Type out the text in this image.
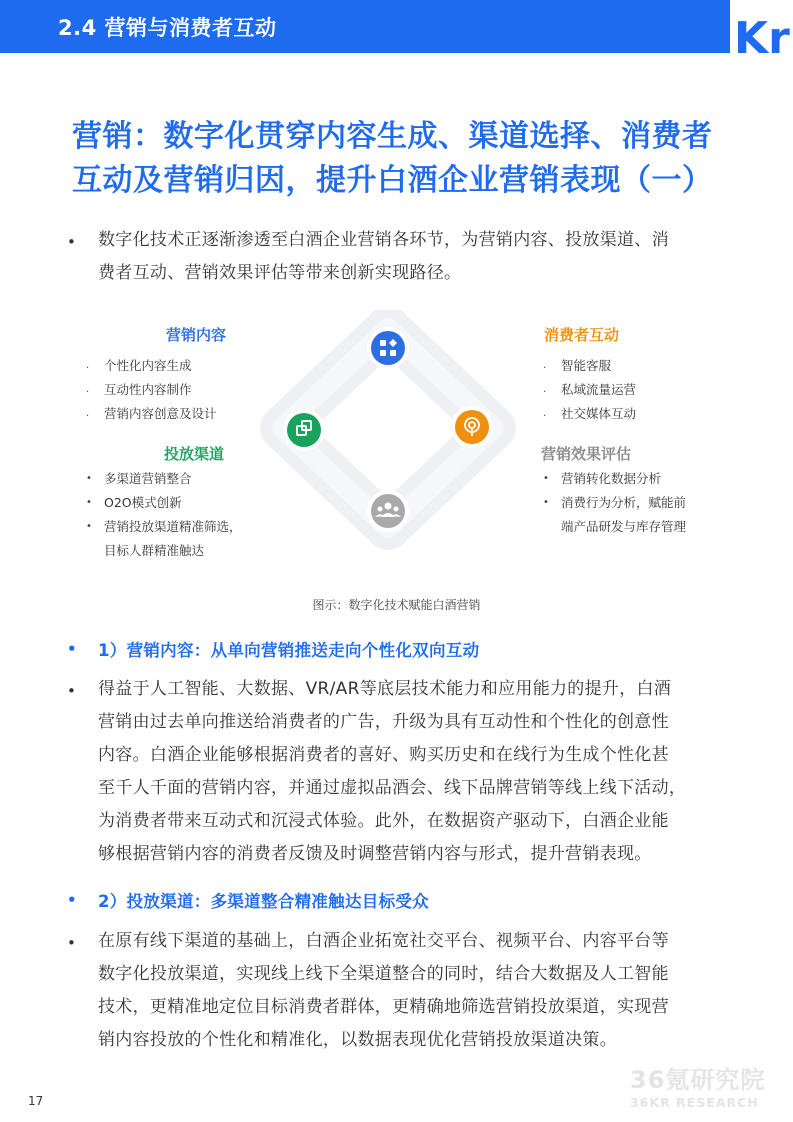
2.4 营销与消费者互动
36 Kr
营销：数字化贯穿内容生成、渠道选择、消费者
互动及营销归因，提升白酒企业营销表现（一）
• 数字化技术正逐渐渗透至白酒企业营销各环节，为营销内容、投放渠道、消
费者互动、营销效果评估等带来创新实现路径。
营销内容
. 个性化内容生成
. 互动性内容制作
. 营销内容创意及设计
投放渠道
• 多渠道营销整合
• O2O模式创新
• 营销投放渠道精准筛选，
目标人群精准触达
消费者互动
. 智能客服
. 私域流量运营
. 社交媒体互动
营销效果评估
• 营销转化数据分析
• 消费行为分析，赋能前
端产品研发与库存管理
图示：数字化技术赋能白酒营销
• 1）营销内容：从单向营销推送走向个性化双向互动
• 得益于人工智能、大数据、VR/AR等底层技术能力和应用能力的提升，白酒
营销由过去单向推送给消费者的广告，升级为具有互动性和个性化的创意性
内容。白酒企业能够根据消费者的喜好、购买历史和在线行为生成个性化甚
至千人千面的营销内容，并通过虚拟品酒会、线下品牌营销等线上线下活动，
为消费者带来互动式和沉浸式体验。此外，在数据资产驱动下，白酒企业能
够根据营销内容的消费者反馈及时调整营销内容与形式，提升营销表现。
• 2）投放渠道：多渠道整合精准触达目标受众
• 在原有线下渠道的基础上，白酒企业拓宽社交平台、视频平台、内容平台等
数字化投放渠道，实现线上线下全渠道整合的同时，结合大数据及人工智能
技术，更精准地定位目标消费者群体，更精确地筛选营销投放渠道，实现营
销内容投放的个性化和精准化，以数据表现优化营销投放渠道决策。
36氪研究院
36KR RESEARCH
17
